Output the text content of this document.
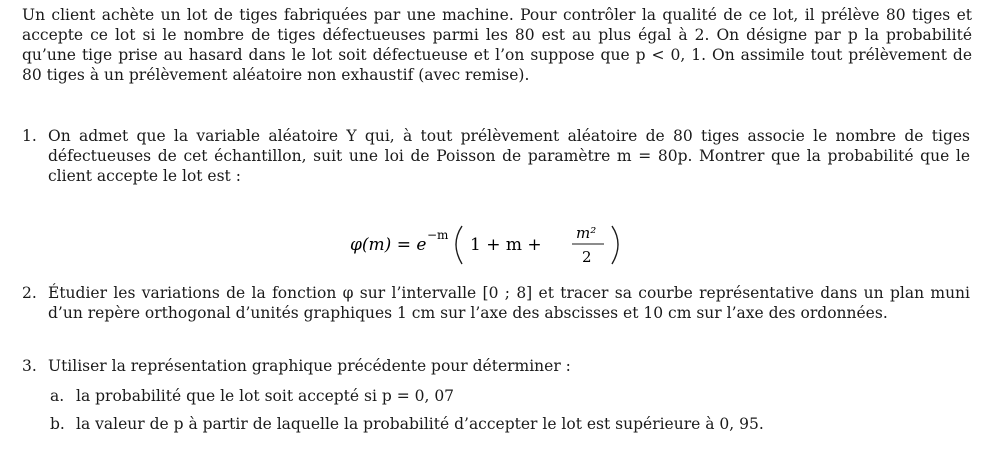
Un client achète un lot de tiges fabriquées par une machine. Pour contrôler la qualité de ce lot, il prélève 80 tiges et accepte ce lot si le nombre de tiges défectueuses parmi les 80 est au plus égal à 2. On désigne par p la probabilité qu’une tige prise au hasard dans le lot soit défectueuse et l’on suppose que p < 0, 1. On assimile tout prélèvement de 80 tiges à un prélèvement aléatoire non exhaustif (avec remise).
1. On admet que la variable aléatoire Y qui, à tout prélèvement aléatoire de 80 tiges associe le nombre de tiges défectueuses de cet échantillon, suit une loi de Poisson de paramètre m = 80p. Montrer que la probabilité que le client accepte le lot est :
φ(m) = e −m 1 + m +
m²
2
2. Étudier les variations de la fonction φ sur l’intervalle [0 ; 8] et tracer sa courbe représentative dans un plan muni d’un repère orthogonal d’unités graphiques 1 cm sur l’axe des abscisses et 10 cm sur l’axe des ordonnées.
3. Utiliser la représentation graphique précédente pour déterminer :
a. la probabilité que le lot soit accepté si p = 0, 07
b. la valeur de p à partir de laquelle la probabilité d’accepter le lot est supérieure à 0, 95.
